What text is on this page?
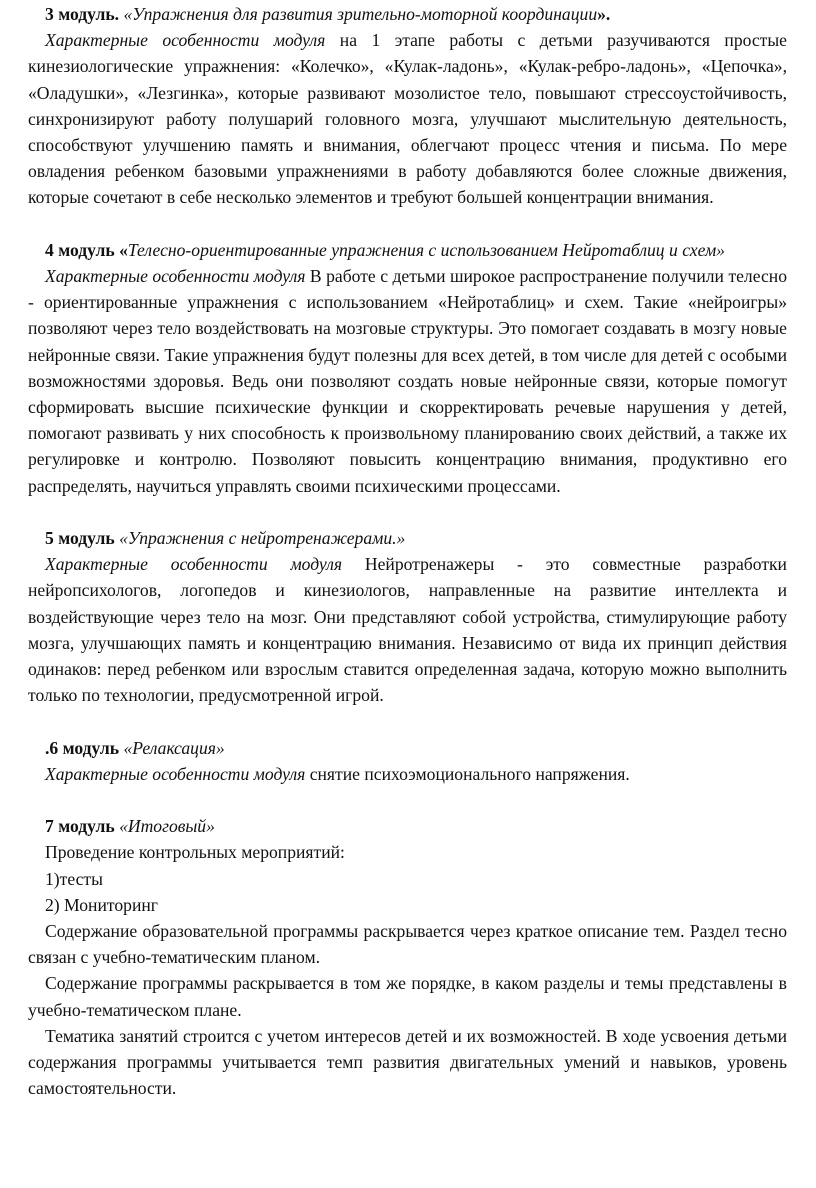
3 модуль. «Упражнения для развития зрительно-моторной координации».

Характерные особенности модуля на 1 этапе работы с детьми разучиваются простые кинезиологические упражнения: «Колечко», «Кулак-ладонь», «Кулак-ребро-ладонь», «Цепочка», «Оладушки», «Лезгинка», которые развивают мозолистое тело, повышают стрессоустойчивость, синхронизируют работу полушарий головного мозга, улучшают мыслительную деятельность, способствуют улучшению память и внимания, облегчают процесс чтения и письма. По мере овладения ребенком базовыми упражнениями в работу добавляются более сложные движения, которые сочетают в себе несколько элементов и требуют большей концентрации внимания.

4 модуль «Телесно-ориентированные упражнения с использованием Нейротаблиц и схем»

Характерные особенности модуля В работе с детьми широкое распространение получили телесно - ориентированные упражнения с использованием «Нейротаблиц» и схем. Такие «нейроигры» позволяют через тело воздействовать на мозговые структуры. Это помогает создавать в мозгу новые нейронные связи. Такие упражнения будут полезны для всех детей, в том числе для детей с особыми возможностями здоровья. Ведь они позволяют создать новые нейронные связи, которые помогут сформировать высшие психические функции и скорректировать речевые нарушения у детей, помогают развивать у них способность к произвольному планированию своих действий, а также их регулировке и контролю. Позволяют повысить концентрацию внимания, продуктивно его распределять, научиться управлять своими психическими процессами.

5 модуль «Упражнения с нейротренажерами.»

Характерные особенности модуля Нейротренажеры - это совместные разработки нейропсихологов, логопедов и кинезиологов, направленные на развитие интеллекта и воздействующие через тело на мозг. Они представляют собой устройства, стимулирующие работу мозга, улучшающих память и концентрацию внимания. Независимо от вида их принцип действия одинаков: перед ребенком или взрослым ставится определенная задача, которую можно выполнить только по технологии, предусмотренной игрой.

.6 модуль «Релаксация»

Характерные особенности модуля снятие психоэмоционального напряжения.

7 модуль «Итоговый»

Проведение контрольных мероприятий:

1)тесты

2) Мониторинг

Содержание образовательной программы раскрывается через краткое описание тем. Раздел тесно связан с учебно-тематическим планом.

Содержание программы раскрывается в том же порядке, в каком разделы и темы представлены в учебно-тематическом плане.

Тематика занятий строится с учетом интересов детей и их возможностей. В ходе усвоения детьми содержания программы учитывается темп развития двигательных умений и навыков, уровень самостоятельности.
